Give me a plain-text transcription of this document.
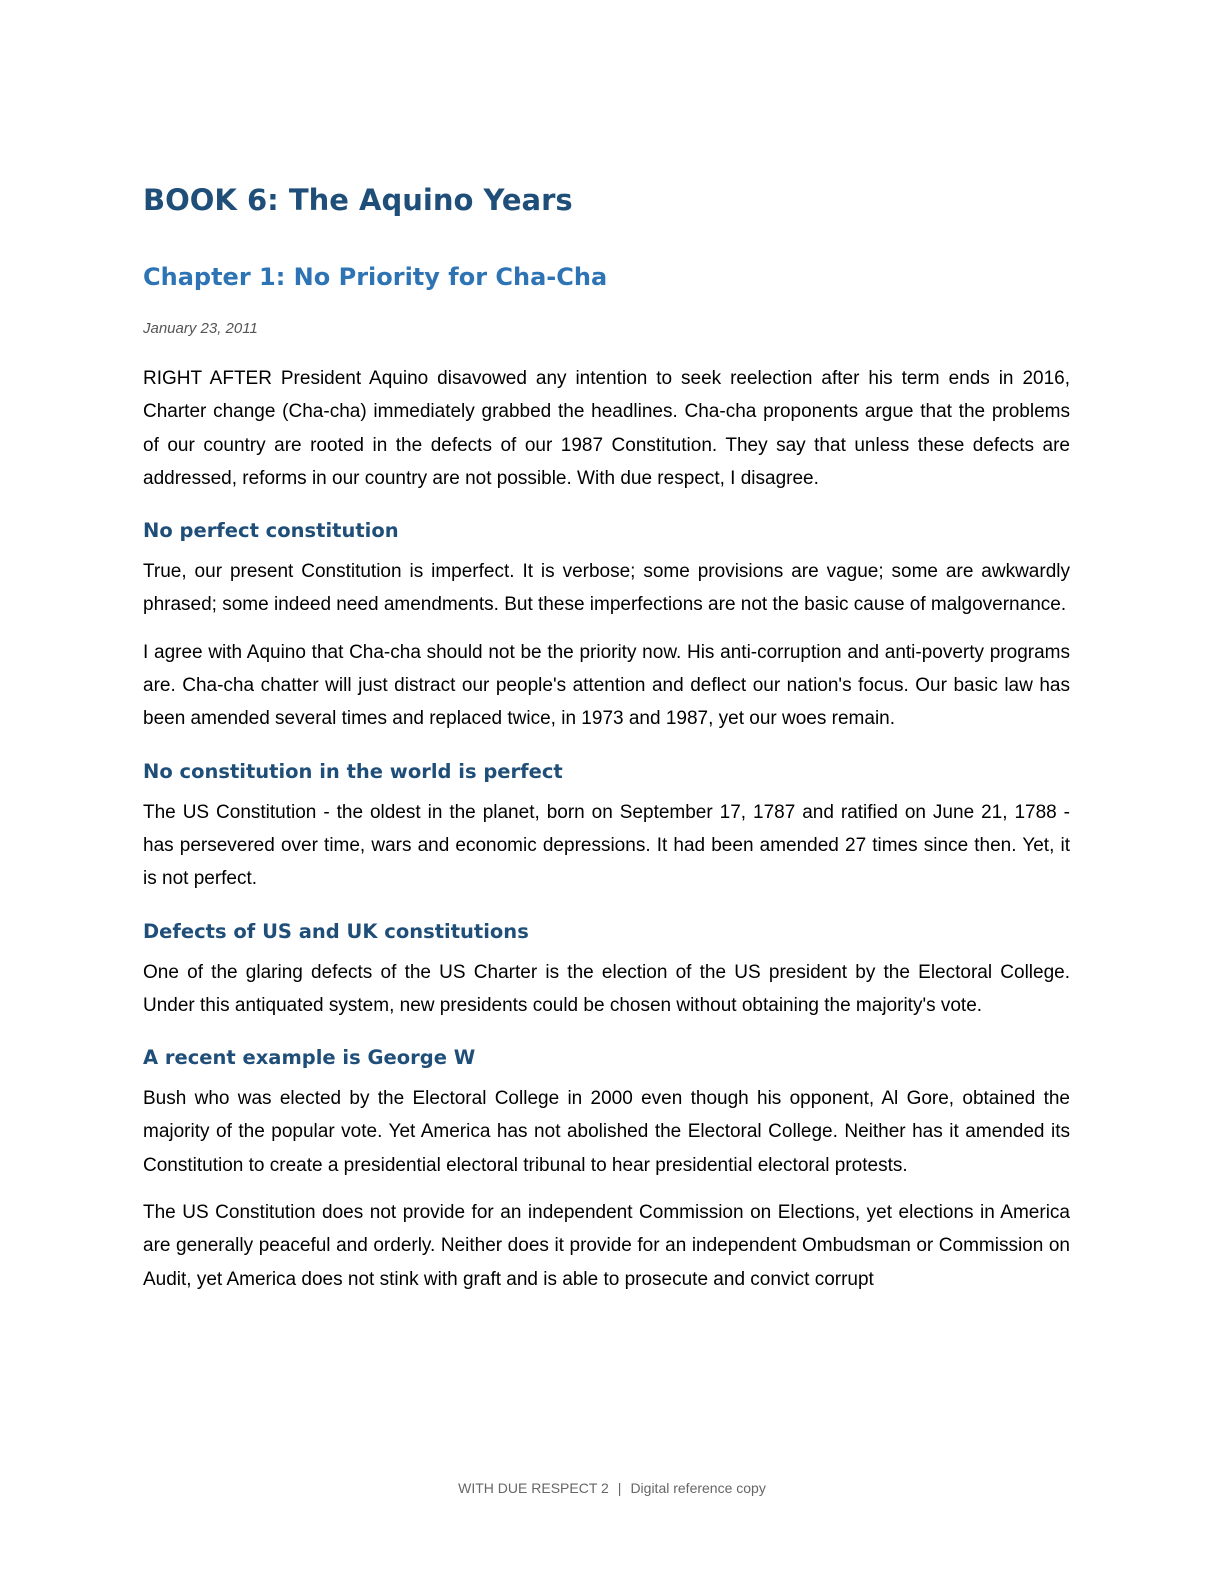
BOOK 6: The Aquino Years
Chapter 1: No Priority for Cha-Cha
January 23, 2011

RIGHT AFTER President Aquino disavowed any intention to seek reelection after his term ends in 2016, Charter change (Cha-cha) immediately grabbed the headlines. Cha-cha proponents argue that the problems of our country are rooted in the defects of our 1987 Constitution. They say that unless these defects are addressed, reforms in our country are not possible. With due respect, I disagree.

No perfect constitution

True, our present Constitution is imperfect. It is verbose; some provisions are vague; some are awkwardly phrased; some indeed need amendments. But these imperfections are not the basic cause of malgovernance.

I agree with Aquino that Cha-cha should not be the priority now. His anti-corruption and anti-poverty programs are. Cha-cha chatter will just distract our people's attention and deflect our nation's focus. Our basic law has been amended several times and replaced twice, in 1973 and 1987, yet our woes remain.

No constitution in the world is perfect

The US Constitution - the oldest in the planet, born on September 17, 1787 and ratified on June 21, 1788 - has persevered over time, wars and economic depressions. It had been amended 27 times since then. Yet, it is not perfect.

Defects of US and UK constitutions

One of the glaring defects of the US Charter is the election of the US president by the Electoral College. Under this antiquated system, new presidents could be chosen without obtaining the majority's vote.

A recent example is George W

Bush who was elected by the Electoral College in 2000 even though his opponent, Al Gore, obtained the majority of the popular vote. Yet America has not abolished the Electoral College. Neither has it amended its Constitution to create a presidential electoral tribunal to hear presidential electoral protests.

The US Constitution does not provide for an independent Commission on Elections, yet elections in America are generally peaceful and orderly. Neither does it provide for an independent Ombudsman or Commission on Audit, yet America does not stink with graft and is able to prosecute and convict corrupt

WITH DUE RESPECT 2 | Digital reference copy
